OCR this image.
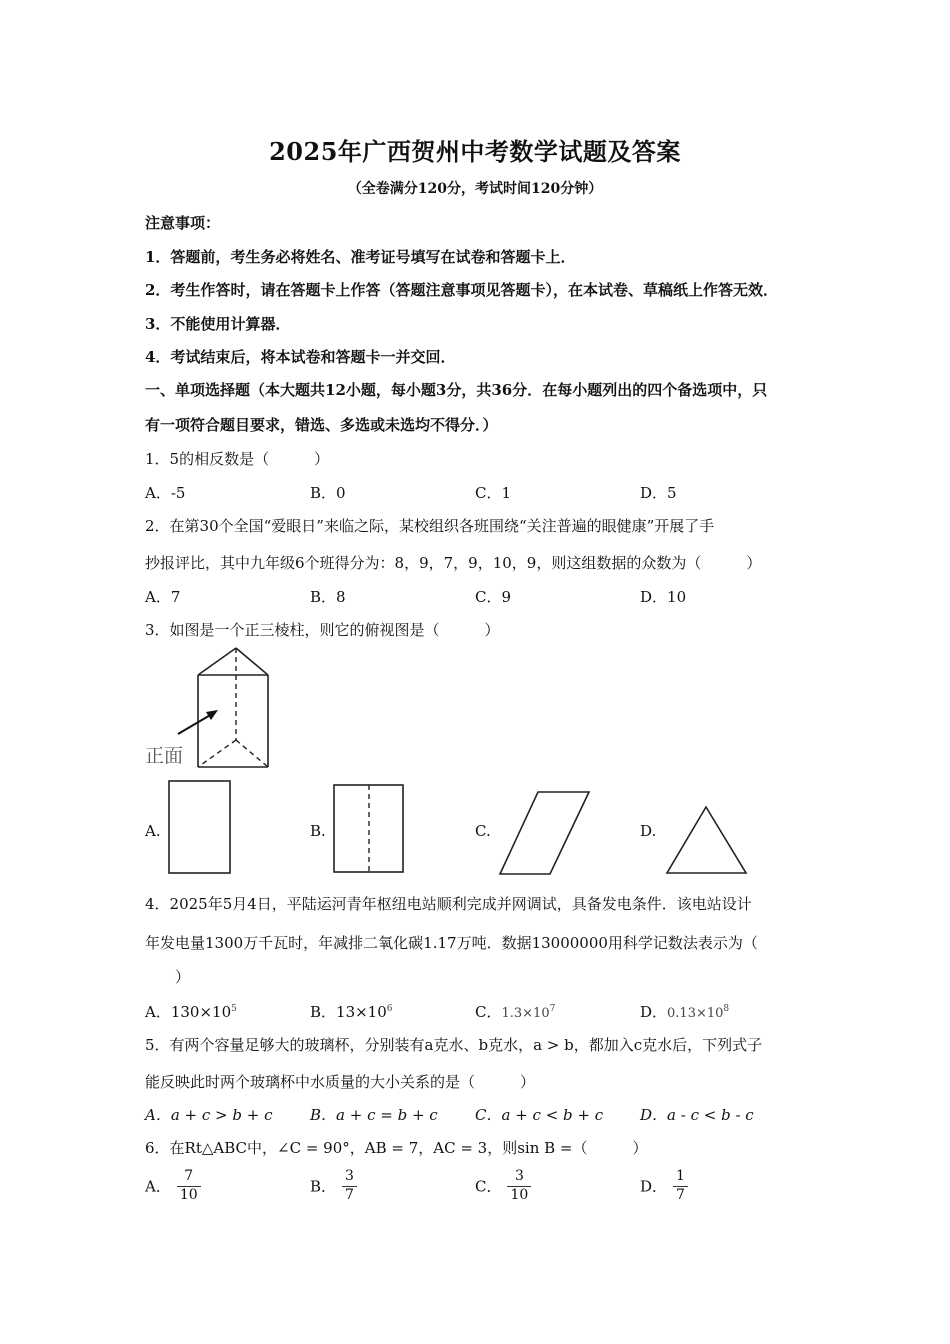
2025年广西贺州中考数学试题及答案
（全卷满分120分，考试时间120分钟）
注意事项：
1．答题前，考生务必将姓名、准考证号填写在试卷和答题卡上．
2．考生作答时，请在答题卡上作答（答题注意事项见答题卡），在本试卷、草稿纸上作答无效．
3．不能使用计算器．
4．考试结束后，将本试卷和答题卡一并交回．
一、单项选择题（本大题共12小题，每小题3分，共36分．在每小题列出的四个备选项中，只
有一项符合题目要求，错选、多选或未选均不得分．）
1．5的相反数是（　　　）
A．-5	B．0	C．1	D．5
2．在第30个全国“爱眼日”来临之际，某校组织各班围绕“关注普遍的眼健康”开展了手
抄报评比，其中九年级6个班得分为：8，9，7，9，10，9，则这组数据的众数为（　　　）
A．7	B．8	C．9	D．10
3．如图是一个正三棱柱，则它的俯视图是（　　　）
正面
A.	B.	C.	D.
4．2025年5月4日，平陆运河青年枢纽电站顺利完成并网调试，具备发电条件．该电站设计
年发电量1300万千瓦时，年减排二氧化碳1.17万吨．数据13000000用科学记数法表示为（
）
A．$130\times 10^5$	B．$13\times 10^6$	C．$1.3\times 10^7$	D．$0.13\times 10^8$
5．有两个容量足够大的玻璃杯，分别装有a克水、b克水，a > b，都加入c克水后，下列式子
能反映此时两个玻璃杯中水质量的大小关系的是（　　　）
A．a + c > b + c	B．a + c = b + c C．a + c < b + c D．a - c < b - c
6．在Rt△ABC中，∠C = 90°，AB = 7，AC = 3，则sin B =（　　　）
A． $\frac{7}{10}$	B． $\frac{3}{7}$	C． $\frac{3}{10}$	D． $\frac{1}{7}$
